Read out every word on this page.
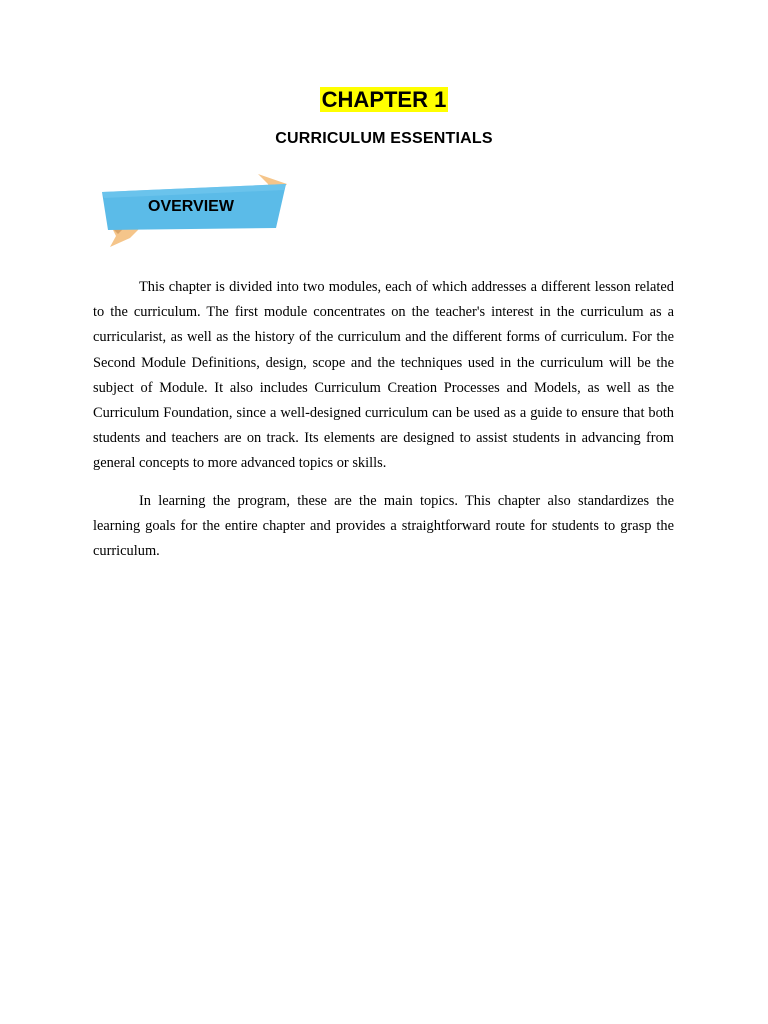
CHAPTER 1
CURRICULUM ESSENTIALS
OVERVIEW

This chapter is divided into two modules, each of which addresses a different lesson related to the curriculum. The first module concentrates on the teacher's interest in the curriculum as a curricularist, as well as the history of the curriculum and the different forms of curriculum. For the Second Module Definitions, design, scope and the techniques used in the curriculum will be the subject of Module. It also includes Curriculum Creation Processes and Models, as well as the Curriculum Foundation, since a well-designed curriculum can be used as a guide to ensure that both students and teachers are on track. Its elements are designed to assist students in advancing from general concepts to more advanced topics or skills.

In learning the program, these are the main topics. This chapter also standardizes the learning goals for the entire chapter and provides a straightforward route for students to grasp the curriculum.
